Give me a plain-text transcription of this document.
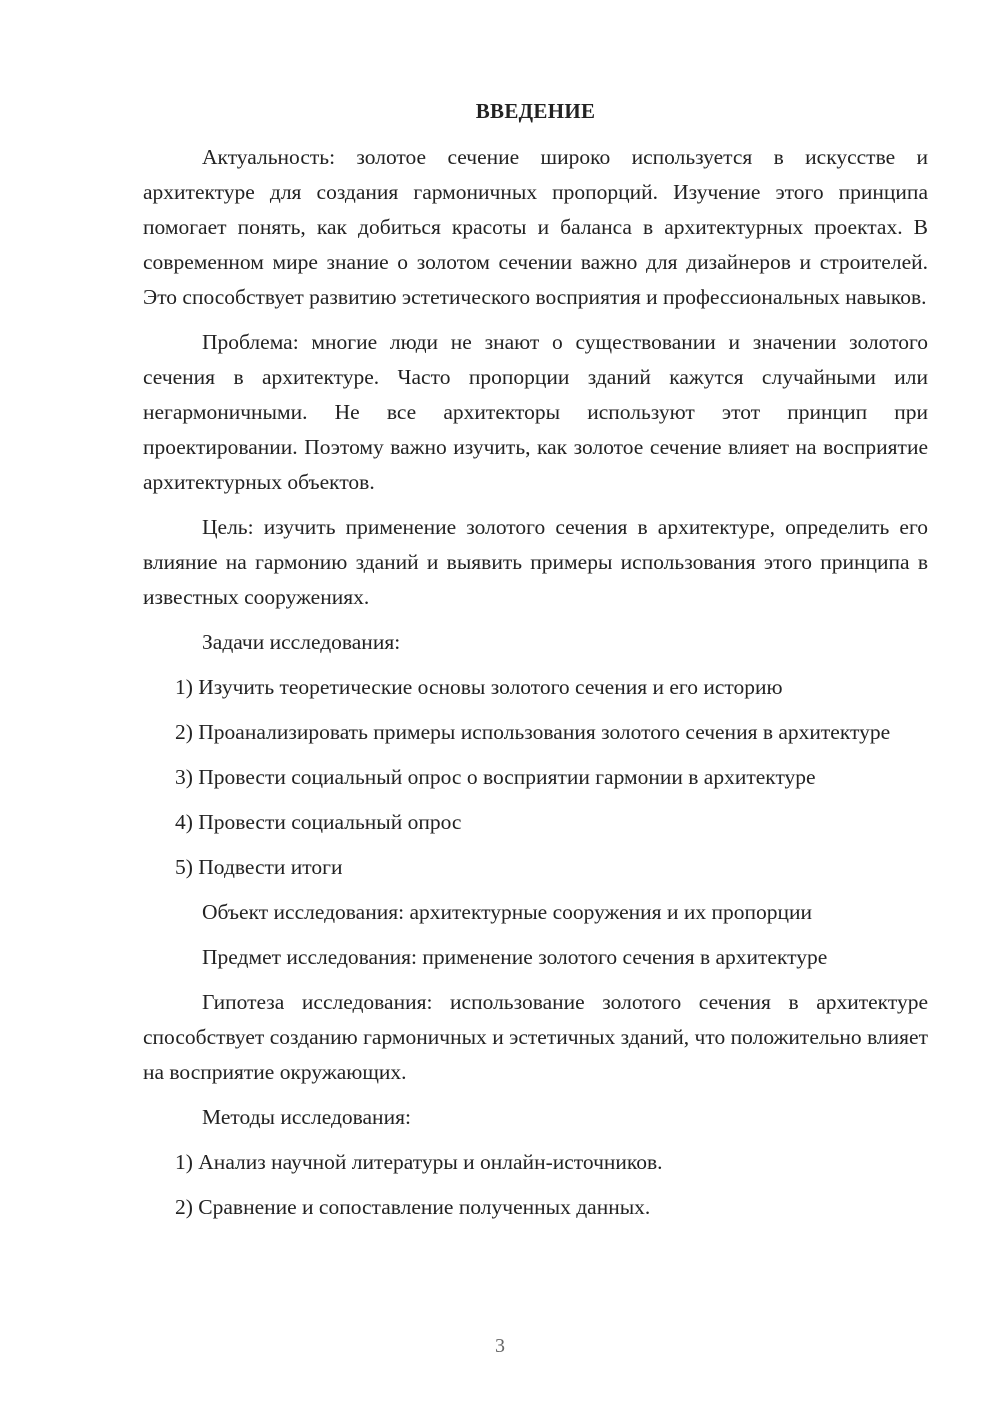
ВВЕДЕНИЕ

Актуальность: золотое сечение широко используется в искусстве и архитектуре для создания гармоничных пропорций. Изучение этого принципа помогает понять, как добиться красоты и баланса в архитектурных проектах. В современном мире знание о золотом сечении важно для дизайнеров и строителей. Это способствует развитию эстетического восприятия и профессиональных навыков.

Проблема: многие люди не знают о существовании и значении золотого сечения в архитектуре. Часто пропорции зданий кажутся случайными или негармоничными. Не все архитекторы используют этот принцип при проектировании. Поэтому важно изучить, как золотое сечение влияет на восприятие архитектурных объектов.

Цель: изучить применение золотого сечения в архитектуре, определить его влияние на гармонию зданий и выявить примеры использования этого принципа в известных сооружениях.

Задачи исследования:

1) Изучить теоретические основы золотого сечения и его историю

2) Проанализировать примеры использования золотого сечения в архитектуре

3) Провести социальный опрос о восприятии гармонии в архитектуре

4) Провести социальный опрос

5) Подвести итоги

Объект исследования: архитектурные сооружения и их пропорции

Предмет исследования: применение золотого сечения в архитектуре

Гипотеза исследования: использование золотого сечения в архитектуре способствует созданию гармоничных и эстетичных зданий, что положительно влияет на восприятие окружающих.

Методы исследования:

1) Анализ научной литературы и онлайн-источников.

2) Сравнение и сопоставление полученных данных.

3
